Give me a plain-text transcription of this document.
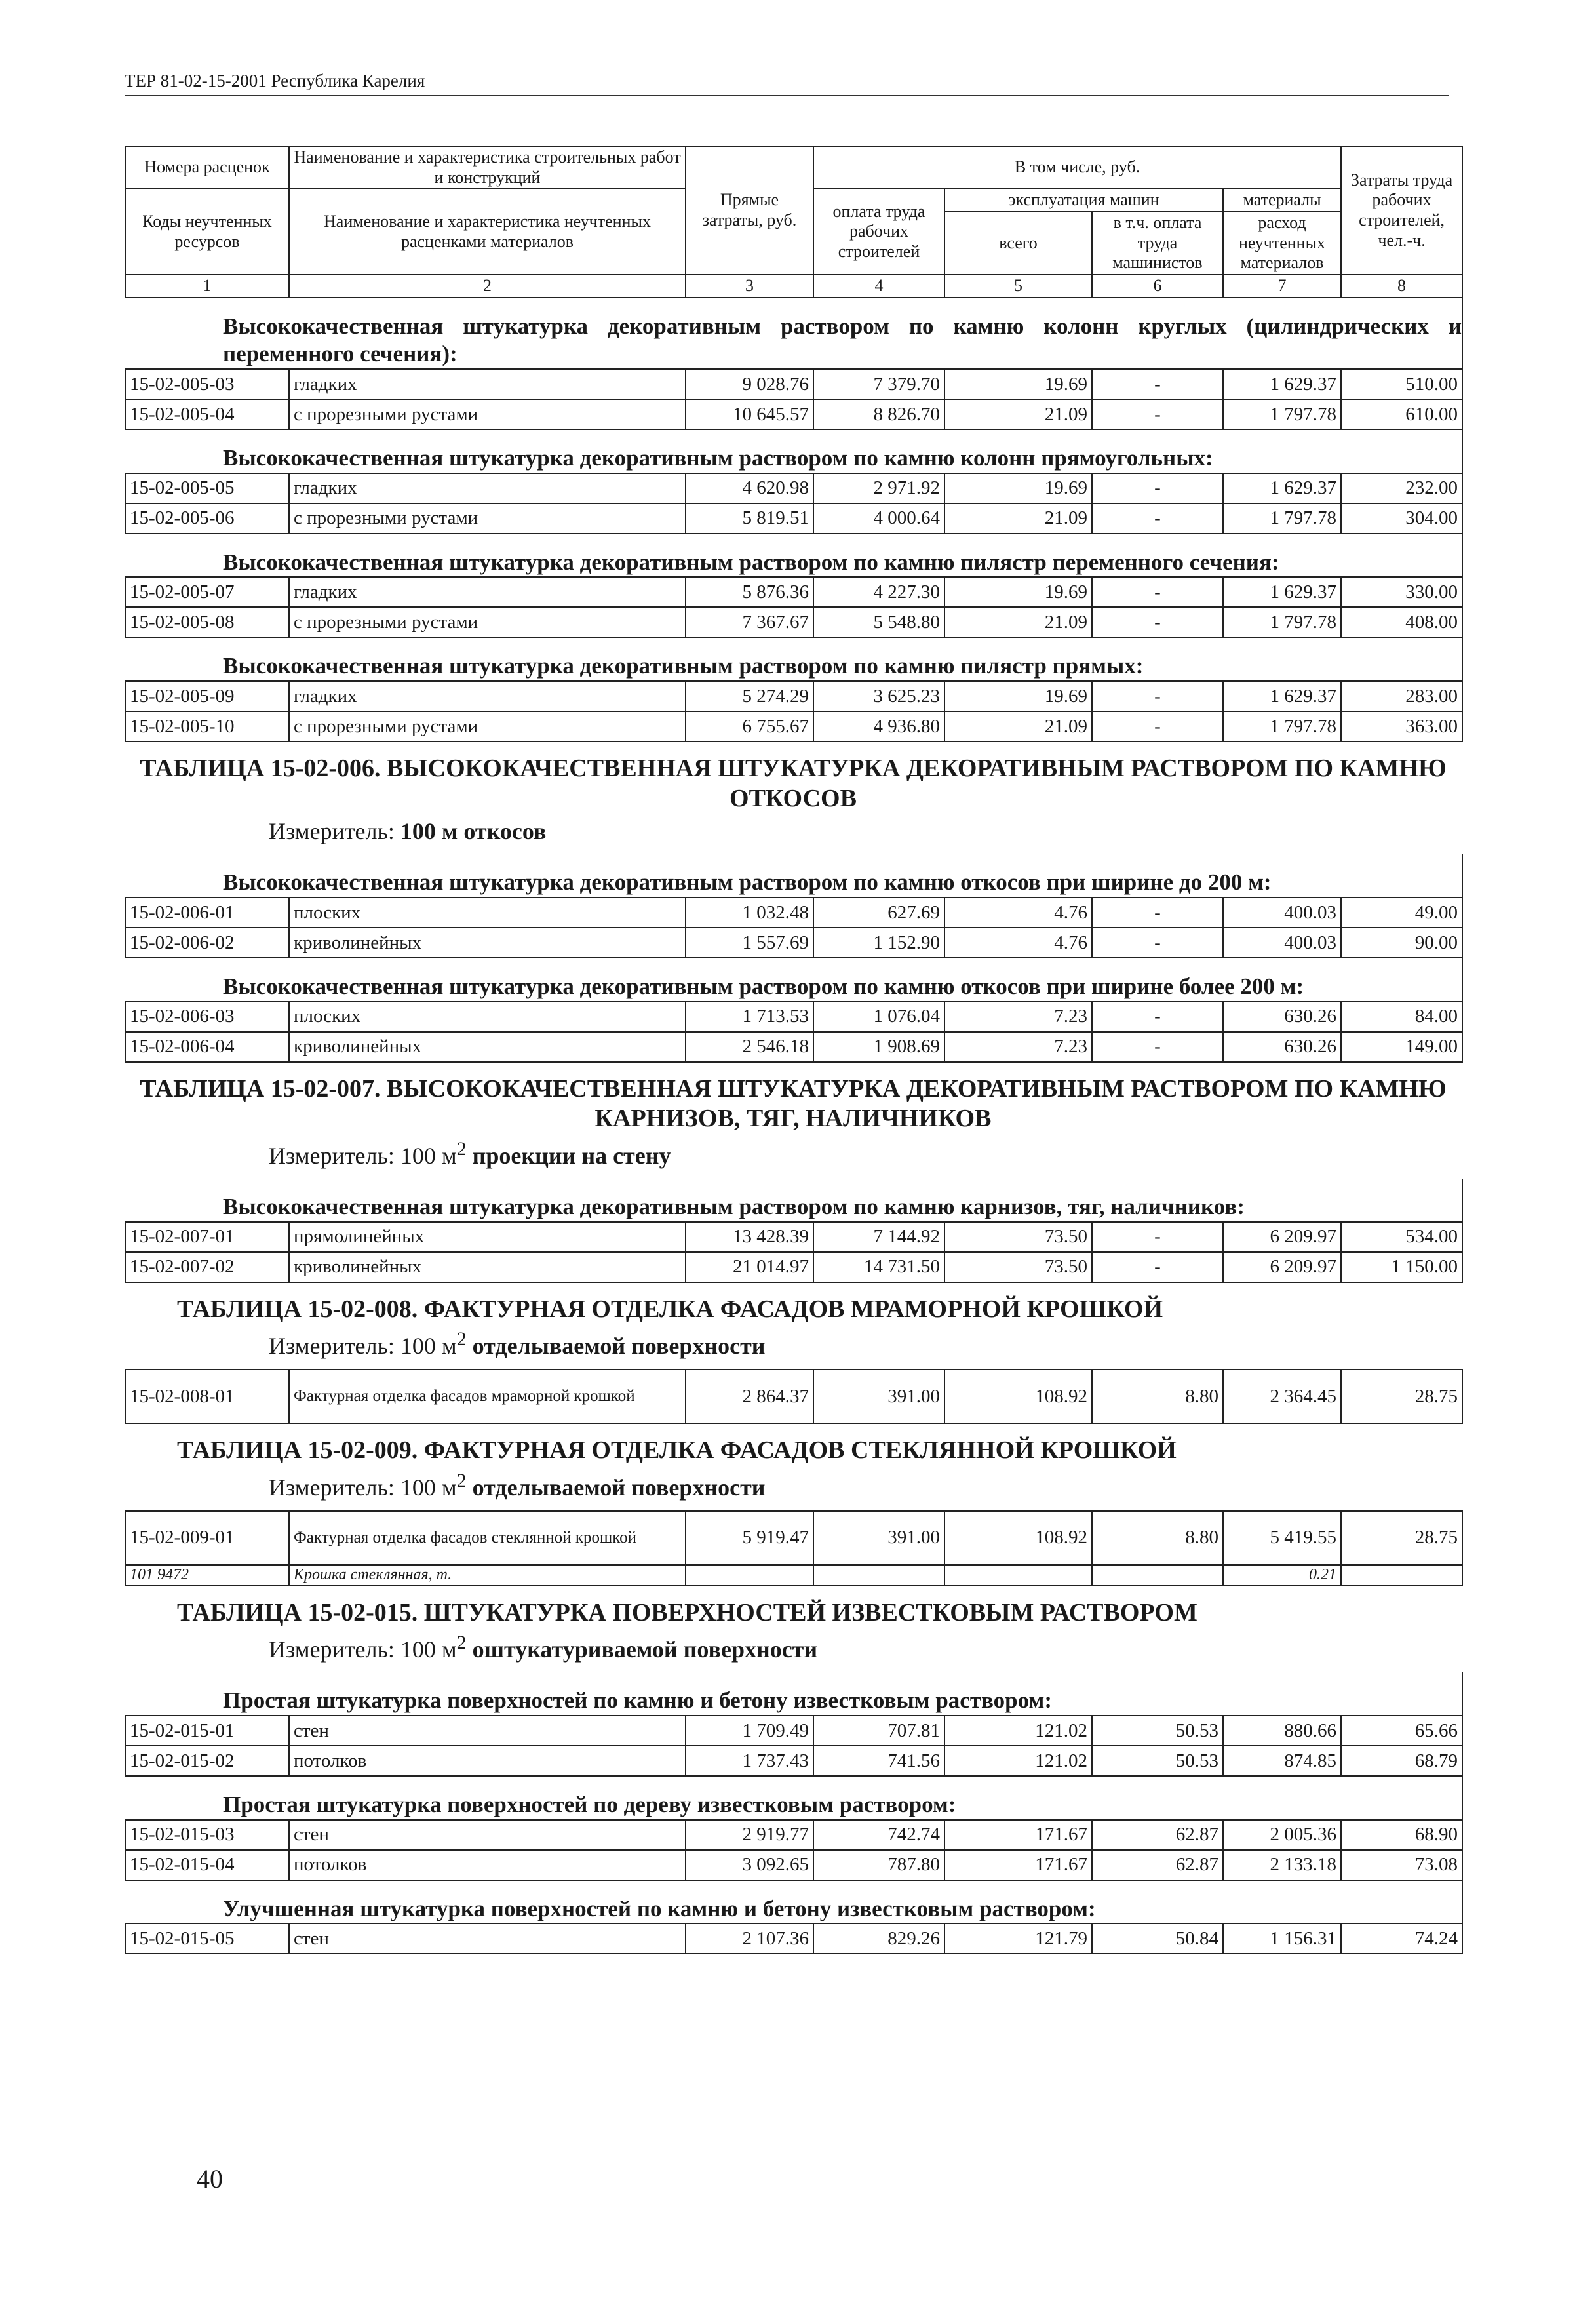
ТЕР 81-02-15-2001 Республика Карелия
Номера расценок	Наименование и характеристика строительных работ и конструкций	Прямые затраты, руб.	В том числе, руб.				Затраты труда рабочих строителей, чел.-ч.
Коды неучтенных ресурсов	Наименование и характеристика неучтенных расценками материалов		оплата труда рабочих строителей	эксплуатация машин		материалы	
				всего	в т.ч. оплата труда машинистов	расход неучтенных материалов	
1	2	3	4	5	6	7	8
Высококачественная штукатурка декоративным раствором по камню колонн круглых (цилиндрических и переменного сечения):
15-02-005-03	гладких	9 028.76	7 379.70	19.69	-	1 629.37	510.00
15-02-005-04	с прорезными рустами	10 645.57	8 826.70	21.09	-	1 797.78	610.00
Высококачественная штукатурка декоративным раствором по камню колонн прямоугольных:
15-02-005-05	гладких	4 620.98	2 971.92	19.69	-	1 629.37	232.00
15-02-005-06	с прорезными рустами	5 819.51	4 000.64	21.09	-	1 797.78	304.00
Высококачественная штукатурка декоративным раствором по камню пилястр переменного сечения:
15-02-005-07	гладких	5 876.36	4 227.30	19.69	-	1 629.37	330.00
15-02-005-08	с прорезными рустами	7 367.67	5 548.80	21.09	-	1 797.78	408.00
Высококачественная штукатурка декоративным раствором по камню пилястр прямых:
15-02-005-09	гладких	5 274.29	3 625.23	19.69	-	1 629.37	283.00
15-02-005-10	с прорезными рустами	6 755.67	4 936.80	21.09	-	1 797.78	363.00
ТАБЛИЦА 15-02-006. ВЫСОКОКАЧЕСТВЕННАЯ ШТУКАТУРКА ДЕКОРАТИВНЫМ РАСТВОРОМ ПО КАМНЮ ОТКОСОВ
Измеритель: 100 м откосов
Высококачественная штукатурка декоративным раствором по камню откосов при ширине до 200 м:
15-02-006-01	плоских	1 032.48	627.69	4.76	-	400.03	49.00
15-02-006-02	криволинейных	1 557.69	1 152.90	4.76	-	400.03	90.00
Высококачественная штукатурка декоративным раствором по камню откосов при ширине более 200 м:
15-02-006-03	плоских	1 713.53	1 076.04	7.23	-	630.26	84.00
15-02-006-04	криволинейных	2 546.18	1 908.69	7.23	-	630.26	149.00
ТАБЛИЦА 15-02-007. ВЫСОКОКАЧЕСТВЕННАЯ ШТУКАТУРКА ДЕКОРАТИВНЫМ РАСТВОРОМ ПО КАМНЮ КАРНИЗОВ, ТЯГ, НАЛИЧНИКОВ
Измеритель: 100 $м^2$ проекции на стену
Высококачественная штукатурка декоративным раствором по камню карнизов, тяг, наличников:
15-02-007-01	прямолинейных	13 428.39	7 144.92	73.50	-	6 209.97	534.00
15-02-007-02	криволинейных	21 014.97	14 731.50	73.50	-	6 209.97	1 150.00
ТАБЛИЦА 15-02-008. ФАКТУРНАЯ ОТДЕЛКА ФАСАДОВ МРАМОРНОЙ КРОШКОЙ
Измеритель: 100 $м^2$ отделываемой поверхности
15-02-008-01	Фактурная отделка фасадов мраморной крошкой	2 864.37	391.00	108.92	8.80	2 364.45	28.75
ТАБЛИЦА 15-02-009. ФАКТУРНАЯ ОТДЕЛКА ФАСАДОВ СТЕКЛЯННОЙ КРОШКОЙ
Измеритель: 100 $м^2$ отделываемой поверхности
15-02-009-01	Фактурная отделка фасадов стеклянной крошкой	5 919.47	391.00	108.92	8.80	5 419.55	28.75
101 9472	Крошка стеклянная, т.					0.21	
ТАБЛИЦА 15-02-015. ШТУКАТУРКА ПОВЕРХНОСТЕЙ ИЗВЕСТКОВЫМ РАСТВОРОМ
Измеритель: 100 $м^2$ оштукатуриваемой поверхности
Простая штукатурка поверхностей по камню и бетону известковым раствором:
15-02-015-01	стен	1 709.49	707.81	121.02	50.53	880.66	65.66
15-02-015-02	потолков	1 737.43	741.56	121.02	50.53	874.85	68.79
Простая штукатурка поверхностей по дереву известковым раствором:
15-02-015-03	стен	2 919.77	742.74	171.67	62.87	2 005.36	68.90
15-02-015-04	потолков	3 092.65	787.80	171.67	62.87	2 133.18	73.08
Улучшенная штукатурка поверхностей по камню и бетону известковым раствором:
15-02-015-05	стен	2 107.36	829.26	121.79	50.84	1 156.31	74.24
40
